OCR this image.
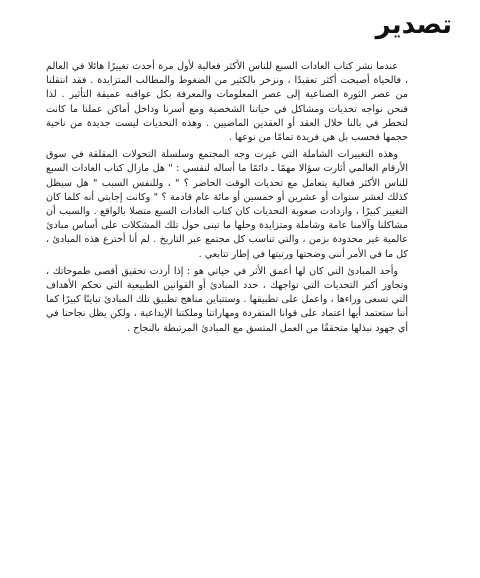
تصدير

عندما نشر كتاب العادات السبع للناس الأكثر فعالية لأول مرة أحدث تغييرًا هائلا في العالم ، فالحياة أصبحت أكثر تعقيدًا ، ونزخر بالكثير من الضغوط والمطالب المتزايدة . فقد انتقلنا من عصر الثورة الصناعية إلى عصر المعلومات والمعرفة بكل عواقبه عميقة التأثير . لذا فنحن نواجه تحديات ومشاكل في حياتنا الشخصية ومع أسرنا وداخل أماكن عملنا ما كانت لتخطر في بالنا خلال العقد أو العقدين الماضيين . وهذه التحديات ليست جديدة من ناحية حجمها فحسب بل هي فريدة تمامًا من نوعها .

وهذه التغييرات الشاملة التي غيرت وجه المجتمع وسلسلة التحولات المقلقة في سوق الأرقام العالمي أثارت سؤالا مهمًا ـ دائمًا ما أساله لنفسي : " هل مازال كتاب العادات السبع للناس الأكثر فعالية يتعامل مع تحديات الوقت الحاضر ؟ " ، وللنفس السبب " هل سيظل كذلك لعشر سنوات أو عشرين أو خمسين أو مائة عام قادمة ؟ " وكانت إجابتي أنه كلما كان التغيير كبيرًا ، وازدادت صعوبة التحديات كان كتاب العادات السبع متصلا بالواقع . والسبب أن مشاكلنا وآلامنا عامة وشاملة ومتزايدة وحلها ما تبنى حول تلك المشكلات على أساس مبادئ عالمية غير محدودة بزمن ، والتي تناسب كل مجتمع عبر التاريخ . لم أنا أخترع هذه المبادئ ، كل ما في الأمر أنني وضحتها ورتبتها في إطار تتابعي .

وأحد المبادئ التي كان لها أعمق الأثر في حياتي هو : إذا أردت تحقيق أقصى طموحاتك ، وتجاوز أكبر التحديات التي تواجهك ، حدد المبادئ أو القوانين الطبيعية التي تحكم الأهداف التي تسعى وراءها ، واعمل على تطبيقها . وستتباين مناهج تطبيق تلك المبادئ تباينًا كبيرًا كما أننا ستعتمد أيها اعتماد على قوانا المتفردة ومهاراتنا وملكتنا الإبداعية ، ولكن يظل نجاحنا في أي جهود نبذلها متحققًا من العمل المتسق مع المبادئ المرتبطة بالنجاح .
